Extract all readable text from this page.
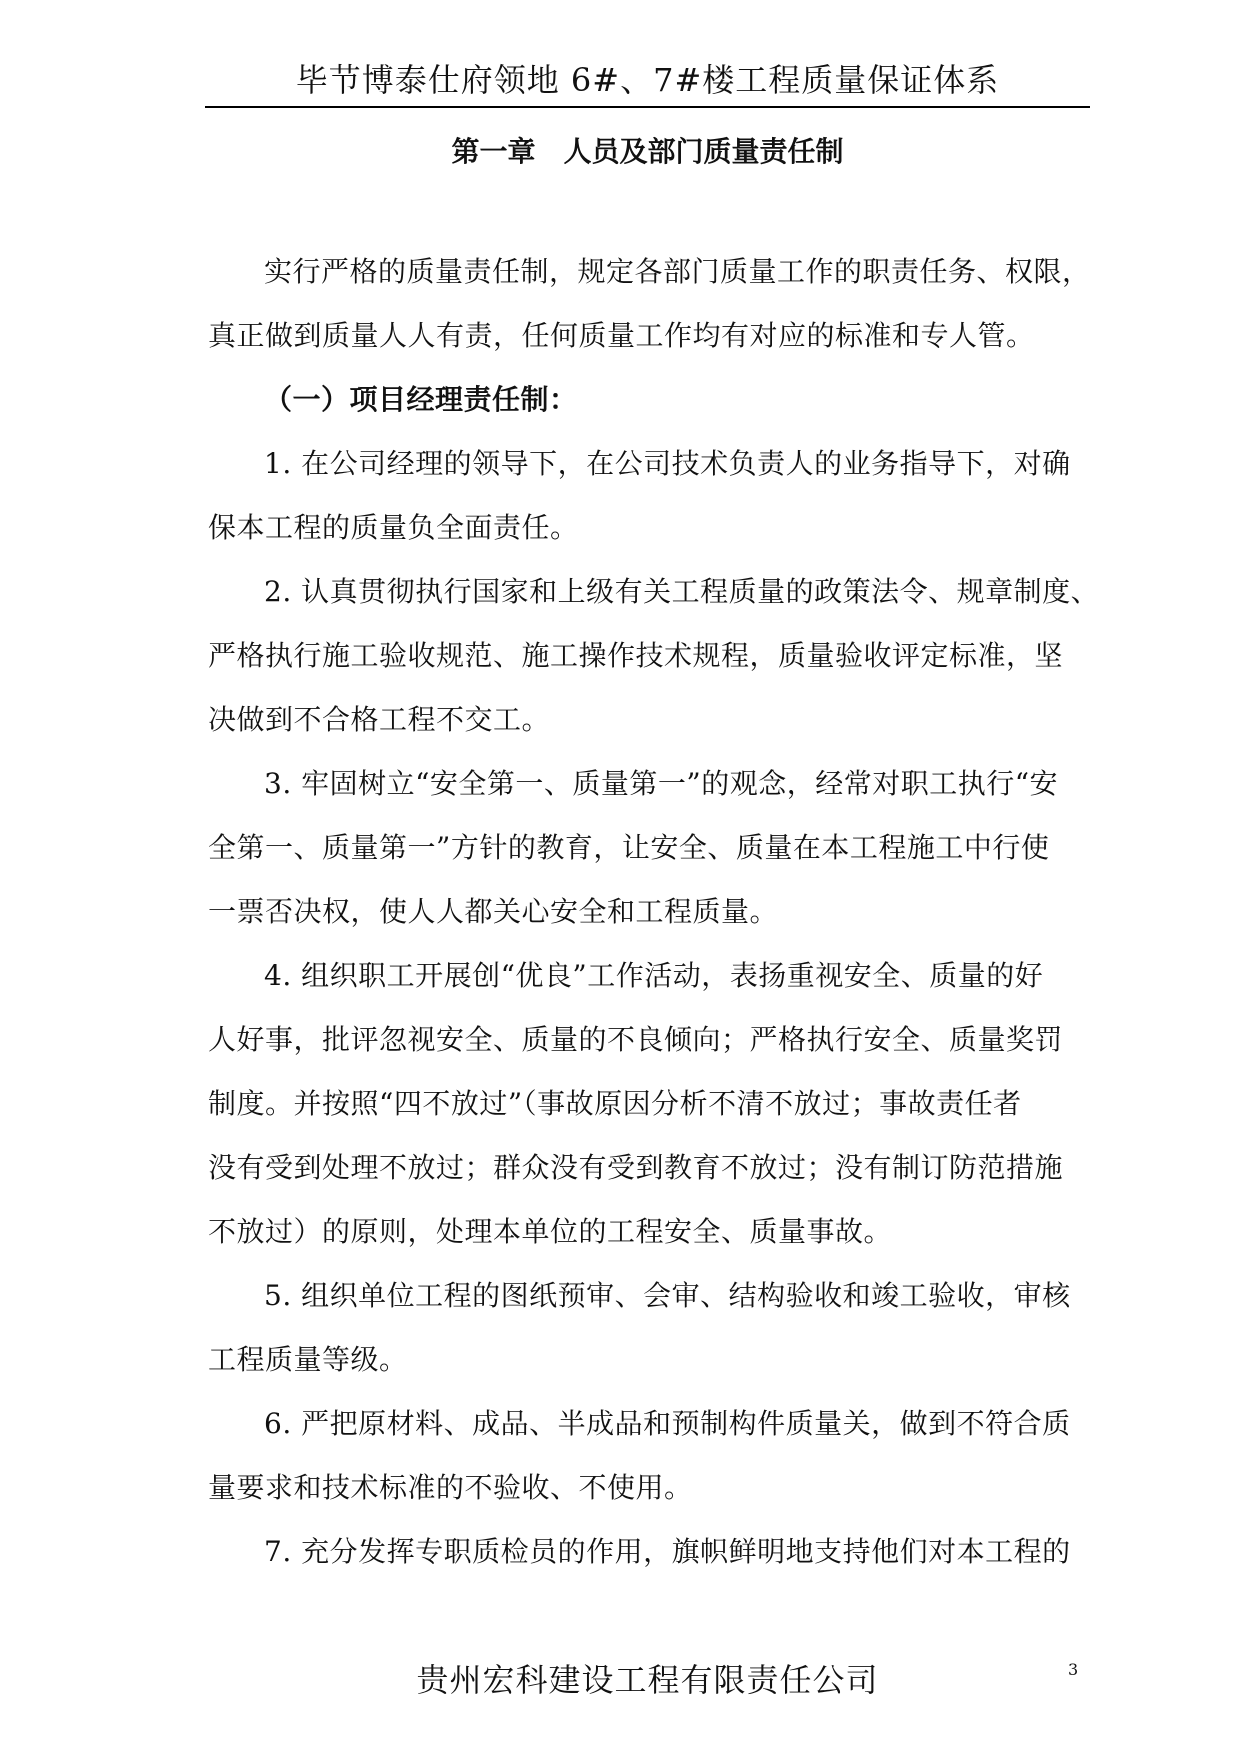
毕节博泰仕府领地 6#、7#楼工程质量保证体系
第一章　人员及部门质量责任制
实行严格的质量责任制，规定各部门质量工作的职责任务、权限，
真正做到质量人人有责，任何质量工作均有对应的标准和专人管。
（一）项目经理责任制：
1. 在公司经理的领导下，在公司技术负责人的业务指导下，对确
保本工程的质量负全面责任。
2. 认真贯彻执行国家和上级有关工程质量的政策法令、规章制度、
严格执行施工验收规范、施工操作技术规程，质量验收评定标准，坚
决做到不合格工程不交工。
3. 牢固树立“安全第一、质量第一”的观念，经常对职工执行“安
全第一、质量第一”方针的教育，让安全、质量在本工程施工中行使
一票否决权，使人人都关心安全和工程质量。
4. 组织职工开展创“优良”工作活动，表扬重视安全、质量的好
人好事，批评忽视安全、质量的不良倾向；严格执行安全、质量奖罚
制度。并按照“四不放过”（事故原因分析不清不放过；事故责任者
没有受到处理不放过；群众没有受到教育不放过；没有制订防范措施
不放过）的原则，处理本单位的工程安全、质量事故。
5. 组织单位工程的图纸预审、会审、结构验收和竣工验收，审核
工程质量等级。
6. 严把原材料、成品、半成品和预制构件质量关，做到不符合质
量要求和技术标准的不验收、不使用。
7. 充分发挥专职质检员的作用，旗帜鲜明地支持他们对本工程的
贵州宏科建设工程有限责任公司	3
